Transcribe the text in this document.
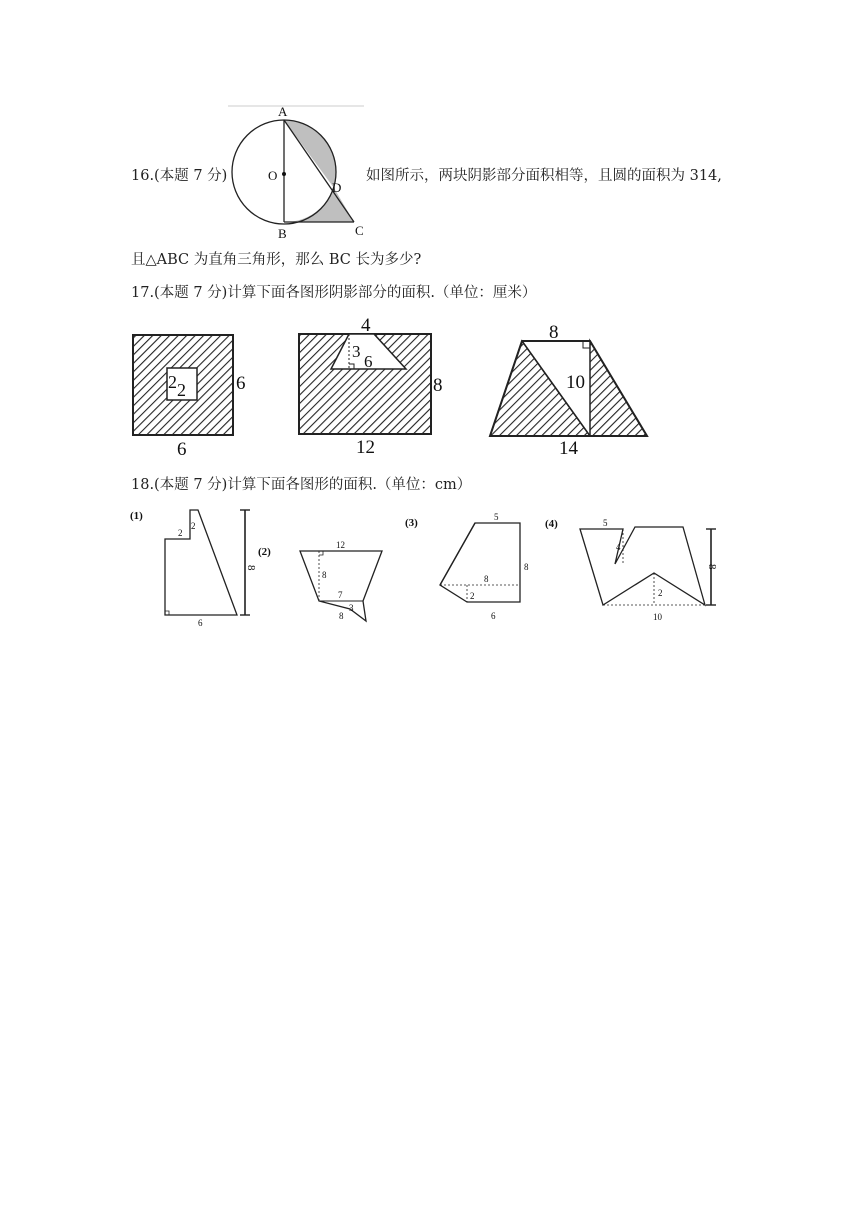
16.(本题 7 分)
A
B	C
D
O	如图所示，两块阴影部分面积相等，且圆的面积为 314,
且△ABC 为直角三角形，那么 BC 长为多少?
17.(本题 7 分)计算下面各图形阴影部分的面积.（单位：厘米）
2 2	6
6
4
3
6
8
12
8
10
14
18.(本题 7 分)计算下面各图形的面积.（单位：cm）
(1)
2
2
8
6
(2)
12
8
7
3
8
(3)	5
8
8
2
6
(4)	5
4
8
2
10
